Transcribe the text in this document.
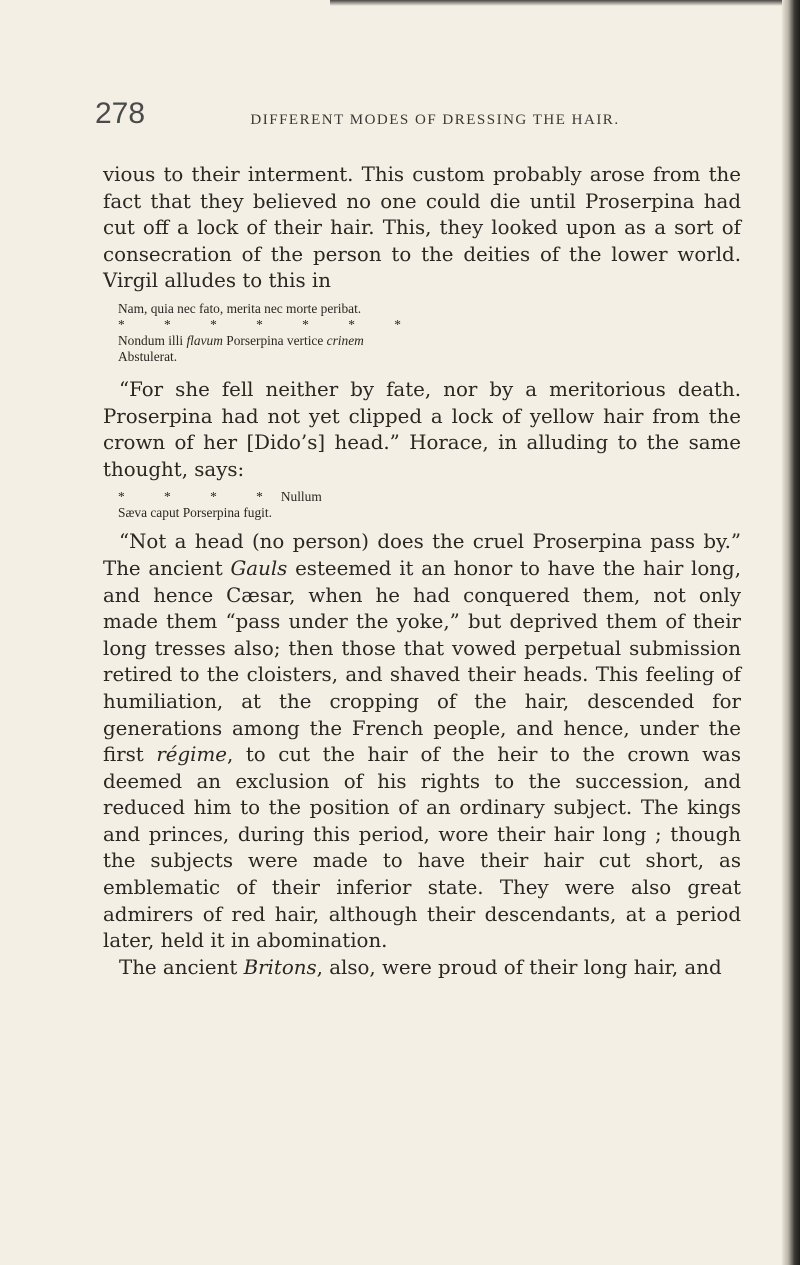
278	DIFFERENT MODES OF DRESSING THE HAIR.

vious to their interment. This custom probably arose from the fact that they believed no one could die until Proserpina had cut off a lock of their hair. This, they looked upon as a sort of consecration of the person to the deities of the lower world. Virgil alludes to this in

Nam, quia nec fato, merita nec morte peribat.
* * * * * * *
Nondum illi flavum Porserpina vertice crinem
Abstulerat.

“For she fell neither by fate, nor by a meritorious death. Proserpina had not yet clipped a lock of yellow hair from the crown of her [Dido’s] head.” Horace, in alluding to the same thought, says:

* * * *Nullum
Sæva caput Porserpina fugit.

“Not a head (no person) does the cruel Proserpina pass by.” The ancient Gauls esteemed it an honor to have the hair long, and hence Cæsar, when he had conquered them, not only made them “pass under the yoke,” but deprived them of their long tresses also; then those that vowed perpetual submission retired to the cloisters, and shaved their heads. This feeling of humiliation, at the cropping of the hair, descended for generations among the French people, and hence, under the first régime, to cut the hair of the heir to the crown was deemed an exclusion of his rights to the succession, and reduced him to the position of an ordinary subject. The kings and princes, during this period, wore their hair long ; though the subjects were made to have their hair cut short, as emblematic of their inferior state. They were also great admirers of red hair, although their descendants, at a period later, held it in abomination.

The ancient Britons, also, were proud of their long hair, and
